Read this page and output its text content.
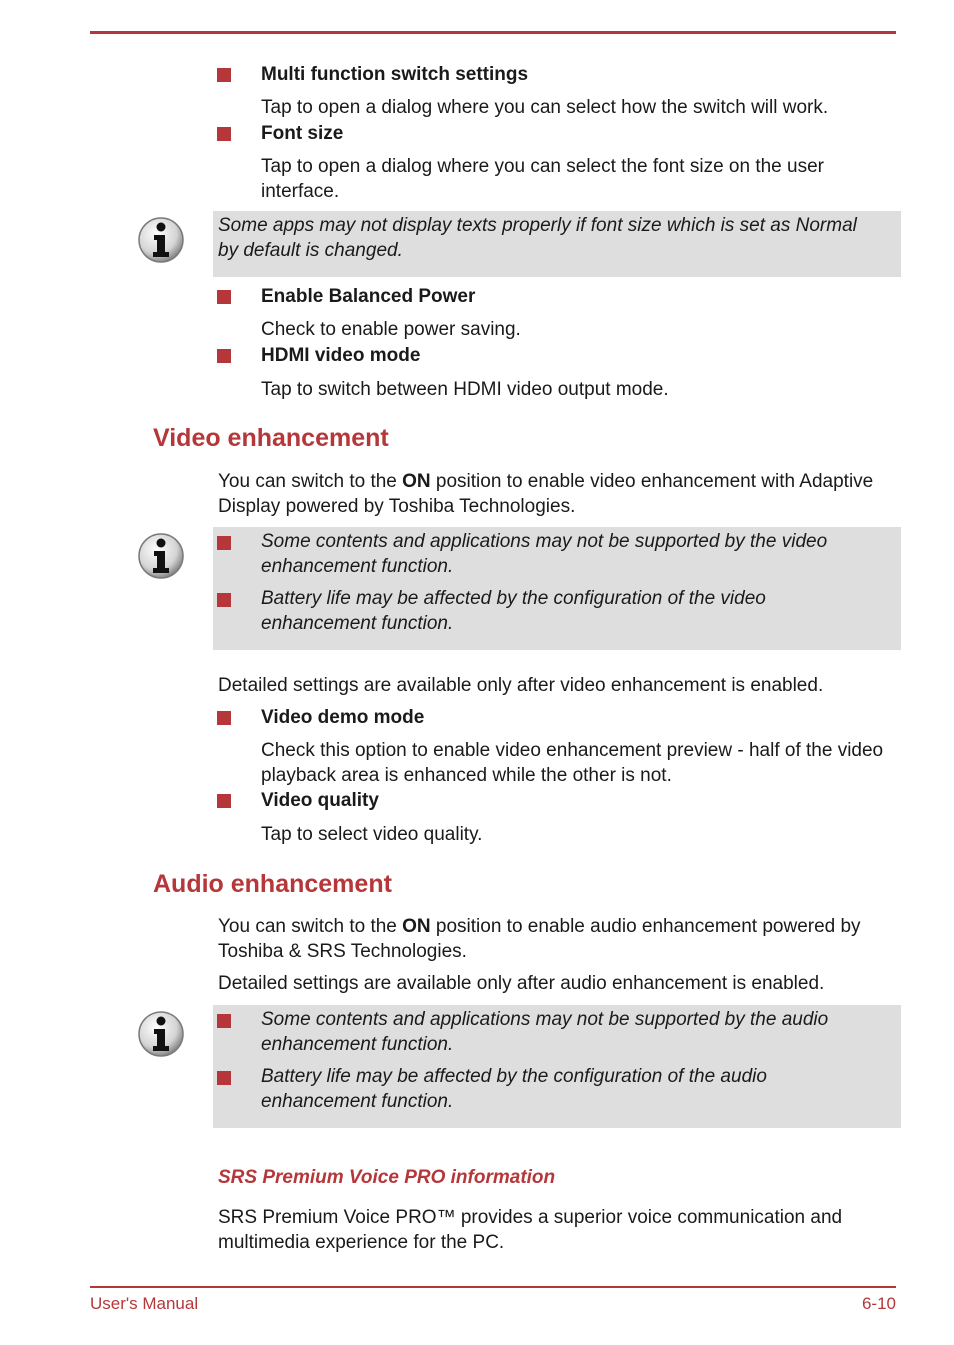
Multi function switch settings
Tap to open a dialog where you can select how the switch will work.
Font size
Tap to open a dialog where you can select the font size on the user interface.
Some apps may not display texts properly if font size which is set as Normal by default is changed.
Enable Balanced Power
Check to enable power saving.
HDMI video mode
Tap to switch between HDMI video output mode.
Video enhancement
You can switch to the ON position to enable video enhancement with Adaptive Display powered by Toshiba Technologies.
Some contents and applications may not be supported by the video enhancement function.
Battery life may be affected by the configuration of the video enhancement function.
Detailed settings are available only after video enhancement is enabled.
Video demo mode
Check this option to enable video enhancement preview - half of the video playback area is enhanced while the other is not.
Video quality
Tap to select video quality.
Audio enhancement
You can switch to the ON position to enable audio enhancement powered by Toshiba & SRS Technologies.
Detailed settings are available only after audio enhancement is enabled.
Some contents and applications may not be supported by the audio enhancement function.
Battery life may be affected by the configuration of the audio enhancement function.
SRS Premium Voice PRO information
SRS Premium Voice PRO™ provides a superior voice communication and multimedia experience for the PC.
User's Manual	6-10
